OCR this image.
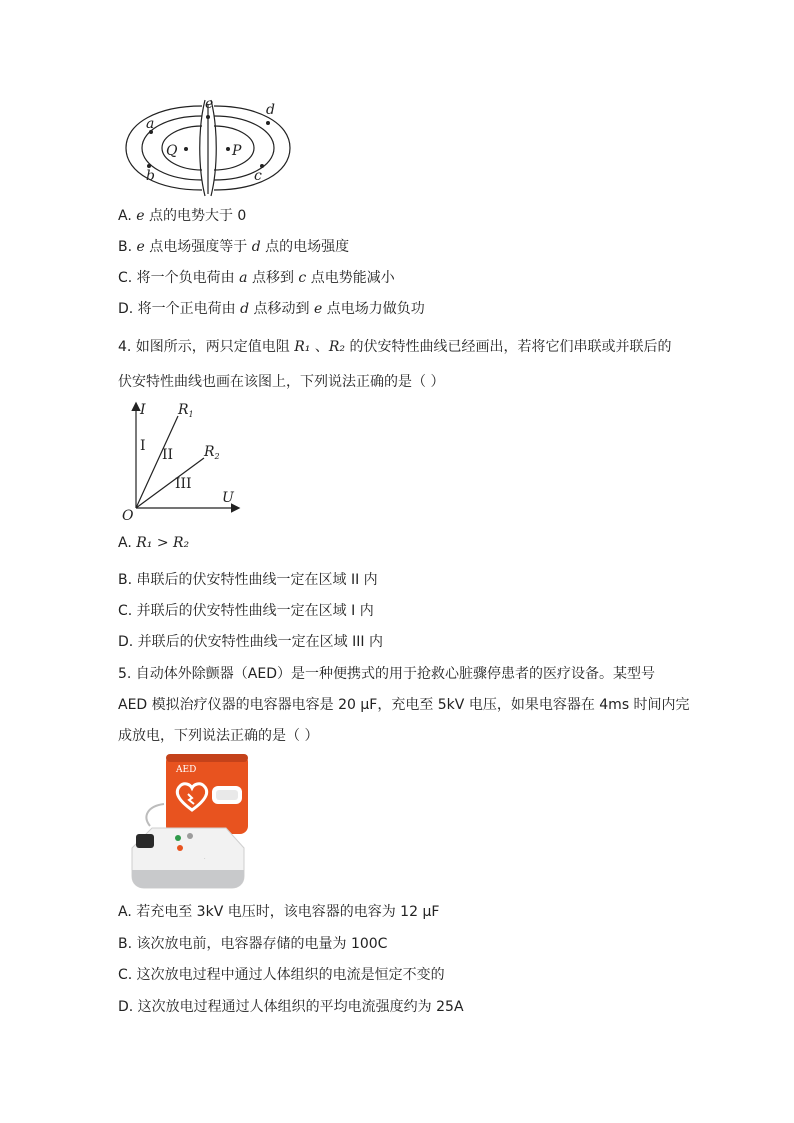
a
b	c
d
e
Q	P
A. e 点的电势大于 0
B. e 点电场强度等于 d 点的电场强度
C. 将一个负电荷由 a 点移到 c 点电势能减小
D. 将一个正电荷由 d 点移动到 e 点电场力做负功
4. 如图所示，两只定值电阻 R₁ 、R₂ 的伏安特性曲线已经画出，若将它们串联或并联后的
伏安特性曲线也画在该图上，下列说法正确的是（ ）
I
U
O
$R_1$
$R_2$
I
II
III
A. R₁ > R₂
B. 串联后的伏安特性曲线一定在区域 II 内
C. 并联后的伏安特性曲线一定在区域 I 内
D. 并联后的伏安特性曲线一定在区域 III 内
5. 自动体外除颤器（AED）是一种便携式的用于抢救心脏骤停患者的医疗设备。某型号
AED 模拟治疗仪器的电容器电容是 20 μF，充电至 5kV 电压，如果电容器在 4ms 时间内完
成放电，下列说法正确的是（ ）
AED
·
A. 若充电至 3kV 电压时，该电容器的电容为 12 μF
B. 该次放电前，电容器存储的电量为 100C
C. 这次放电过程中通过人体组织的电流是恒定不变的
D. 这次放电过程通过人体组织的平均电流强度约为 25A
